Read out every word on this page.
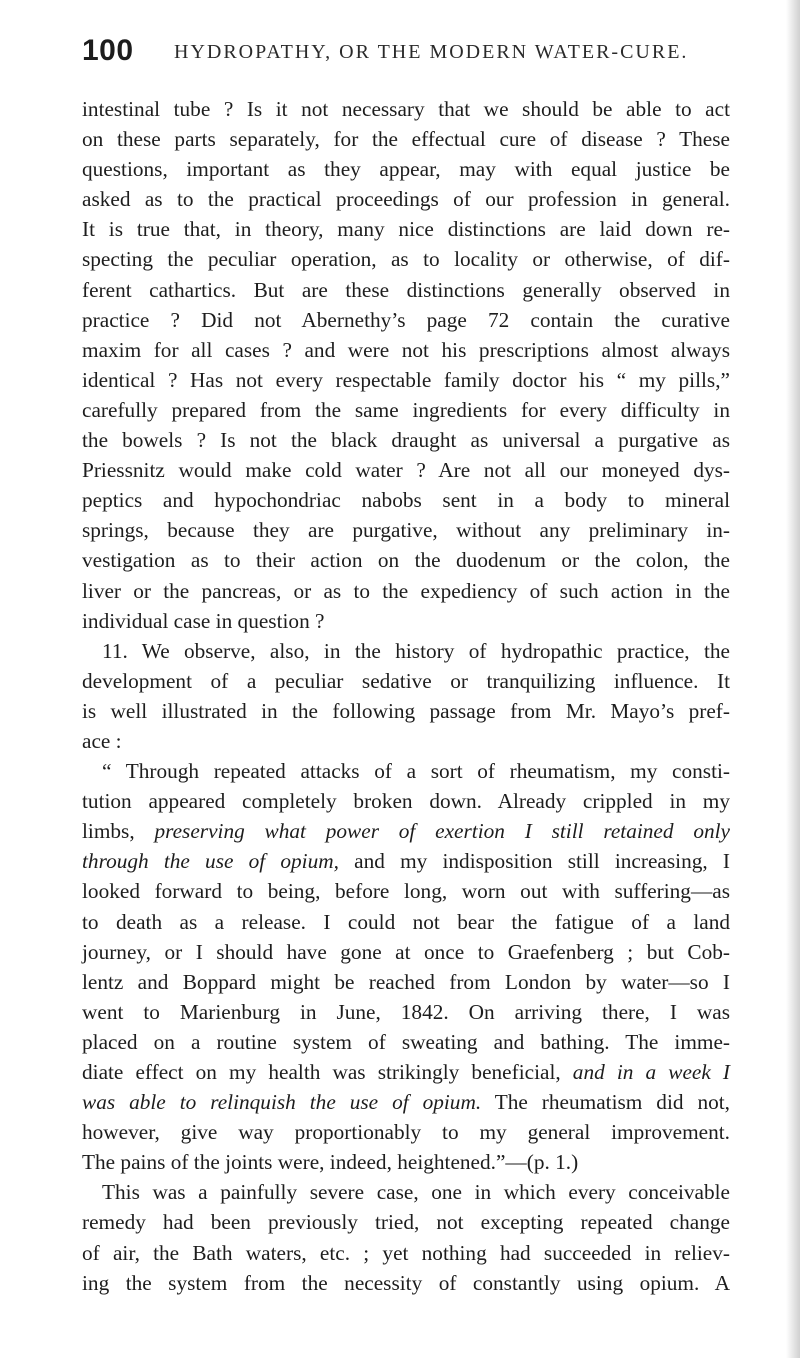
100 HYDROPATHY, OR THE MODERN WATER-CURE.
intestinal tube ? Is it not necessary that we should be able to act
on these parts separately, for the effectual cure of disease ? These
questions, important as they appear, may with equal justice be
asked as to the practical proceedings of our profession in general.
It is true that, in theory, many nice distinctions are laid down re-
specting the peculiar operation, as to locality or otherwise, of dif-
ferent cathartics. But are these distinctions generally observed in
practice ? Did not Abernethy’s page 72 contain the curative
maxim for all cases ? and were not his prescriptions almost always
identical ? Has not every respectable family doctor his “ my pills,”
carefully prepared from the same ingredients for every difficulty in
the bowels ? Is not the black draught as universal a purgative as
Priessnitz would make cold water ? Are not all our moneyed dys-
peptics and hypochondriac nabobs sent in a body to mineral
springs, because they are purgative, without any preliminary in-
vestigation as to their action on the duodenum or the colon, the
liver or the pancreas, or as to the expediency of such action in the
individual case in question ?
11. We observe, also, in the history of hydropathic practice, the
development of a peculiar sedative or tranquilizing influence. It
is well illustrated in the following passage from Mr. Mayo’s pref-
ace :
“ Through repeated attacks of a sort of rheumatism, my consti-
tution appeared completely broken down. Already crippled in my
limbs, preserving what power of exertion I still retained only
through the use of opium, and my indisposition still increasing, I
looked forward to being, before long, worn out with suffering—as
to death as a release. I could not bear the fatigue of a land
journey, or I should have gone at once to Graefenberg ; but Cob-
lentz and Boppard might be reached from London by water—so I
went to Marienburg in June, 1842. On arriving there, I was
placed on a routine system of sweating and bathing. The imme-
diate effect on my health was strikingly beneficial, and in a week I
was able to relinquish the use of opium. The rheumatism did not,
however, give way proportionably to my general improvement.
The pains of the joints were, indeed, heightened.”—(p. 1.)
This was a painfully severe case, one in which every conceivable
remedy had been previously tried, not excepting repeated change
of air, the Bath waters, etc. ; yet nothing had succeeded in reliev-
ing the system from the necessity of constantly using opium. A
